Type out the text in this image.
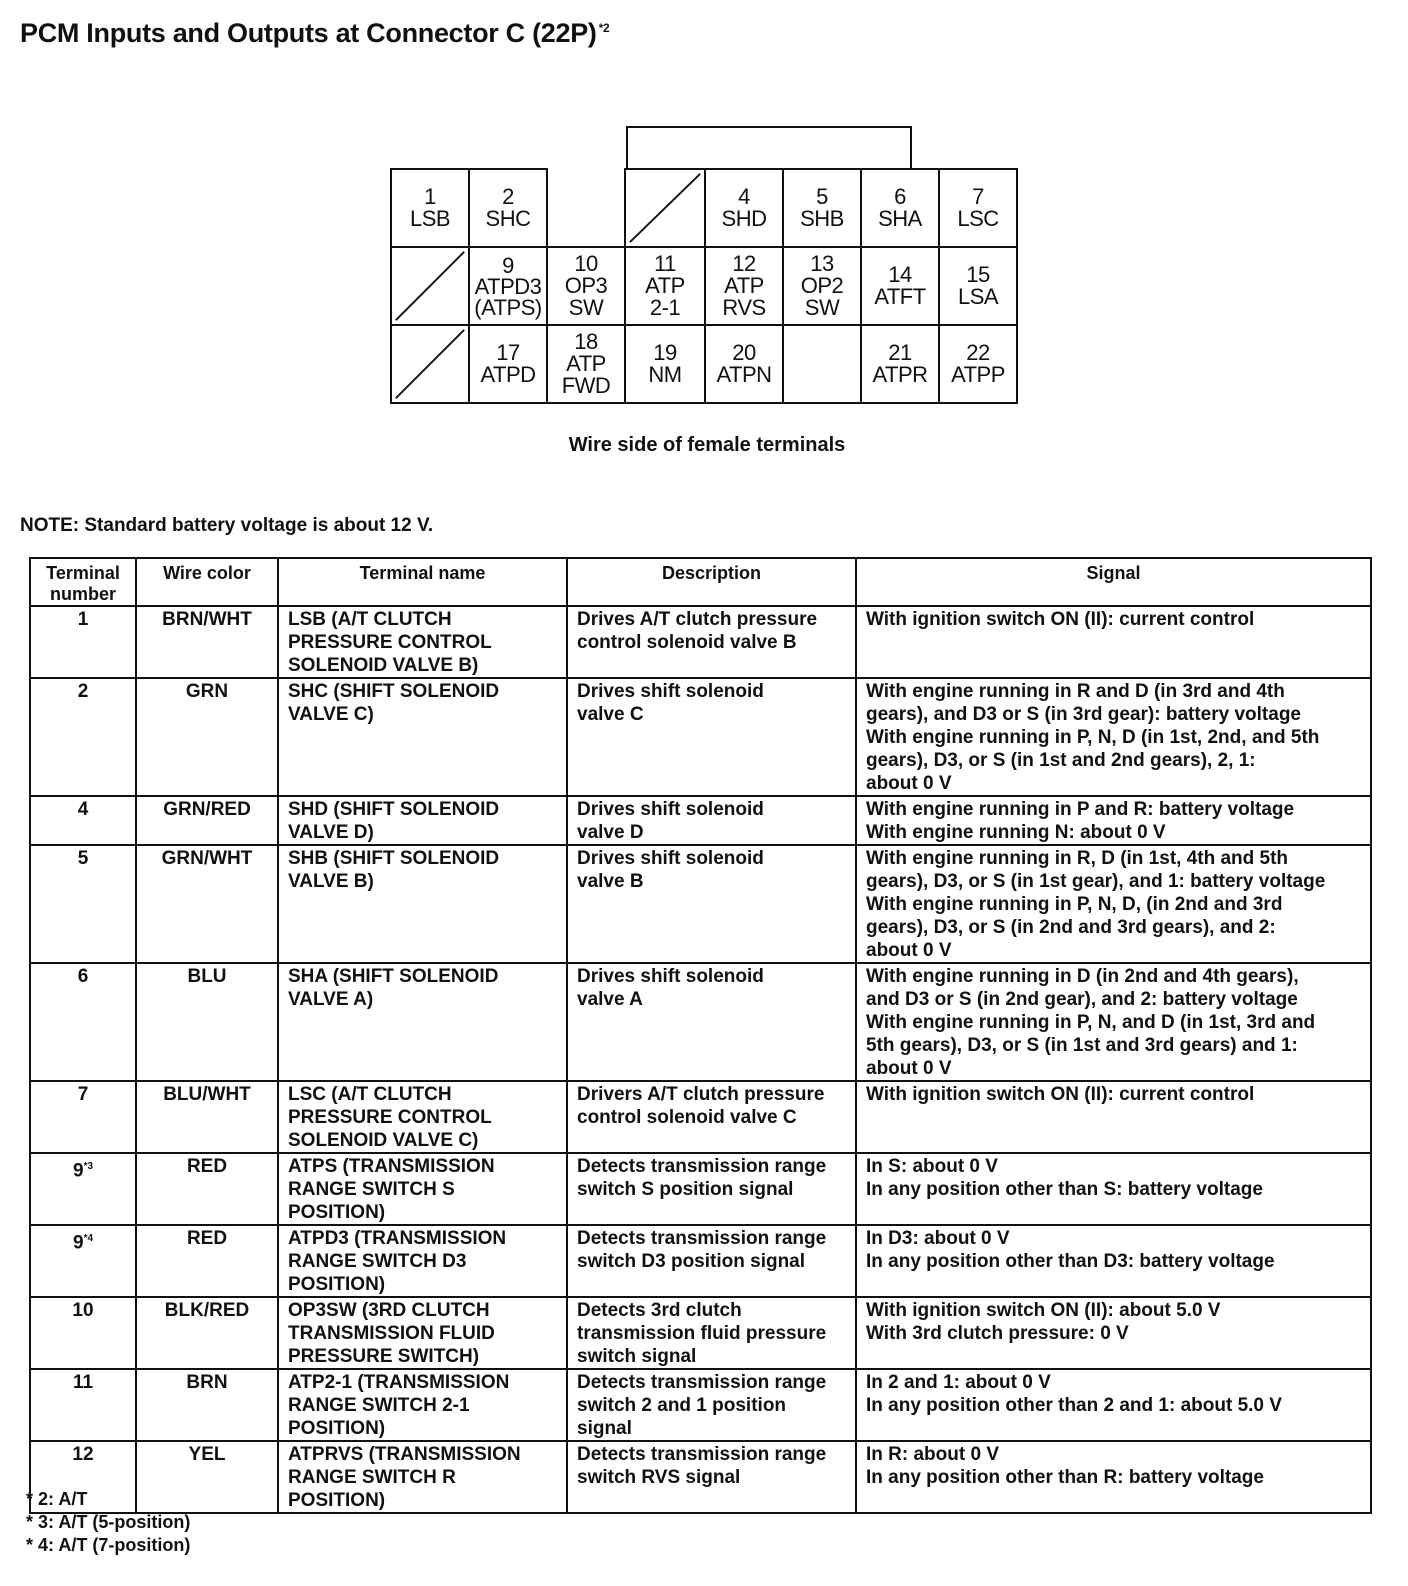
PCM Inputs and Outputs at Connector C (22P) $^{*2}$
1
LSB
2
SHC
4
SHD
5
SHB
6
SHA
7
LSC
9
ATPD3
(ATPS)
10
OP3
SW
11
ATP
2-1
12
ATP
RVS
13
OP2
SW
14
ATFT
15
LSA
17
ATPD
18
ATP
FWD
19
NM
20
ATPN
21
ATPR
22
ATPP
Wire side of female terminals
NOTE: Standard battery voltage is about 12 V.
Terminal
number	Wire color	Terminal name	Description	Signal
1	BRN/WHT	LSB (A/T CLUTCH
PRESSURE CONTROL
SOLENOID VALVE B)	Drives A/T clutch pressure
control solenoid valve B	With ignition switch ON (II): current control
2	GRN	SHC (SHIFT SOLENOID
VALVE C)	Drives shift solenoid
valve C	With engine running in R and D (in 3rd and 4th
gears), and D3 or S (in 3rd gear): battery voltage
With engine running in P, N, D (in 1st, 2nd, and 5th
gears), D3, or S (in 1st and 2nd gears), 2, 1:
about 0 V
4	GRN/RED	SHD (SHIFT SOLENOID
VALVE D)	Drives shift solenoid
valve D	With engine running in P and R: battery voltage
With engine running N: about 0 V
5	GRN/WHT	SHB (SHIFT SOLENOID
VALVE B)	Drives shift solenoid
valve B	With engine running in R, D (in 1st, 4th and 5th
gears), D3, or S (in 1st gear), and 1: battery voltage
With engine running in P, N, D, (in 2nd and 3rd
gears), D3, or S (in 2nd and 3rd gears), and 2:
about 0 V
6	BLU	SHA (SHIFT SOLENOID
VALVE A)	Drives shift solenoid
valve A	With engine running in D (in 2nd and 4th gears),
and D3 or S (in 2nd gear), and 2: battery voltage
With engine running in P, N, and D (in 1st, 3rd and
5th gears), D3, or S (in 1st and 3rd gears) and 1:
about 0 V
7	BLU/WHT	LSC (A/T CLUTCH
PRESSURE CONTROL
SOLENOID VALVE C)	Drivers A/T clutch pressure
control solenoid valve C	With ignition switch ON (II): current control
9$^{*3}$	RED	ATPS (TRANSMISSION
RANGE SWITCH S
POSITION)	Detects transmission range
switch S position signal	In S: about 0 V
In any position other than S: battery voltage
9$^{*4}$	RED	ATPD3 (TRANSMISSION
RANGE SWITCH D3
POSITION)	Detects transmission range
switch D3 position signal	In D3: about 0 V
In any position other than D3: battery voltage
10	BLK/RED	OP3SW (3RD CLUTCH
TRANSMISSION FLUID
PRESSURE SWITCH)	Detects 3rd clutch
transmission fluid pressure
switch signal	With ignition switch ON (II): about 5.0 V
With 3rd clutch pressure: 0 V
11	BRN	ATP2-1 (TRANSMISSION
RANGE SWITCH 2-1
POSITION)	Detects transmission range
switch 2 and 1 position
signal	In 2 and 1: about 0 V
In any position other than 2 and 1: about 5.0 V
12	YEL	ATPRVS (TRANSMISSION
RANGE SWITCH R
POSITION)	Detects transmission range
switch RVS signal	In R: about 0 V
In any position other than R: battery voltage
* 2: A/T
* 3: A/T (5-position)
* 4: A/T (7-position)
